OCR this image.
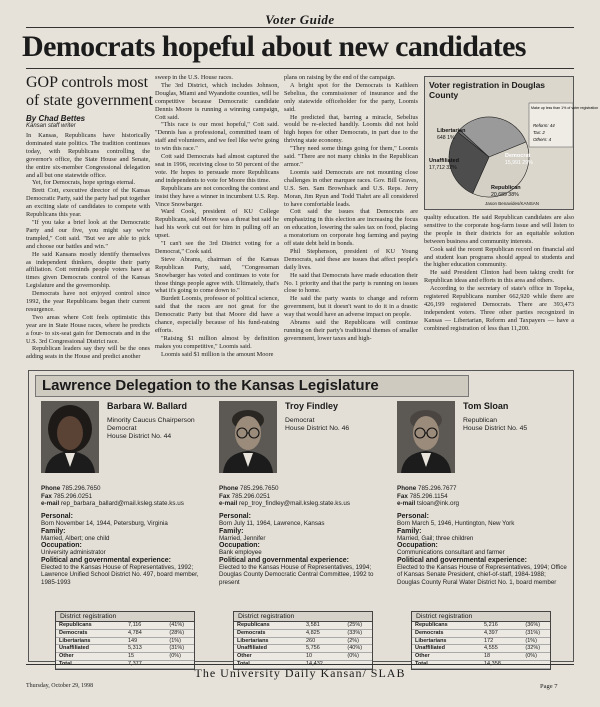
Voter Guide
Democrats hopeful about new candidates
GOP controls most of state government
By Chad Bettes
Kansan staff writer

In Kansas, Republicans have historically dominated state politics. The tradition continues today, with Republicans controlling the governor's office, the State House and Senate, the entire six-member Congressional delegation and all but one statewide office.

Yet, for Democrats, hope springs eternal.

Brett Cott, executive director of the Kansas Democratic Party, said the party had put together an exciting slate of candidates to compete with Republicans this year.

"If you take a brief look at the Democratic Party and our five, you might say we're trampled," Cott said. "But we are able to pick and choose our battles and win."

He said Kansans mostly identify themselves as independent thinkers, despite their party affiliation. Cott reminds people voters have at times given Democrats control of the Kansas Legislature and the governorship.

Democrats have not enjoyed control since 1992, the year Republicans began their current resurgence.

Two areas where Cott feels optimistic this year are in State House races, where he predicts a four- to six-seat gain for Democrats and in the U.S. 3rd Congressional District race.

Republican leaders say they will be the ones adding seats in the House and predict another

sweep in the U.S. House races.

The 3rd District, which includes Johnson, Douglas, Miami and Wyandotte counties, will be competitive because Democratic candidate Dennis Moore is running a winning campaign, Cott said.

"This race is our most hopeful," Cott said. "Dennis has a professional, committed team of staff and volunteers, and we feel like we're going to win this race."

Cott said Democrats had almost captured the seat in 1996, receiving close to 50 percent of the vote. He hopes to persuade more Republicans and independents to vote for Moore this time.

Republicans are not conceding the contest and insist they have a winner in incumbent U.S. Rep. Vince Snowbarger.

Ward Cook, president of KU College Republicans, said Moore was a threat but said he had his work cut out for him in pulling off an upset.

"I can't see the 3rd District voting for a Democrat," Cook said.

Steve Abrams, chairman of the Kansas Republican Party, said, "Congressman Snowbarger has voted and continues to vote for those things people agree with. Ultimately, that's what it's going to come down to."

Burdett Loomis, professor of political science, said that the races are not great for the Democratic Party but that Moore did have a chance, especially because of his fund-raising efforts.

"Raising $1 million almost by definition makes you competitive," Loomis said.

Loomis said $1 million is the amount Moore

plans on raising by the end of the campaign.

A bright spot for the Democrats is Kathleen Sebelius, the commissioner of insurance and the only statewide officeholder for the party, Loomis said.

He predicted that, barring a miracle, Sebelius would be re-elected handily. Loomis did not hold high hopes for other Democrats, in part due to the thriving state economy.

"They need some things going for them," Loomis said. "There are not many chinks in the Republican armor."

Loomis said Democrats are not mounting close challenges in other marquee races. Gov. Bill Graves, U.S. Sen. Sam Brownback and U.S. Reps. Jerry Moran, Jim Ryun and Todd Tiahrt are all considered to have comfortable leads.

Cott said the issues that Democrats are emphasizing in this election are increasing the focus on education, lowering the sales tax on food, placing a moratorium on corporate hog farming and paying off state debt held in bonds.

Phil Stephenson, president of KU Young Democrats, said these are issues that affect people's daily lives.

He said that Democrats have made education their No. 1 priority and that the party is running on issues close to home.

He said the party wants to change and reform government, but it doesn't want to do it in a drastic way that would have an adverse impact on people.

Abrams said the Republicans will continue running on their party's traditional themes of smaller government, lower taxes and high-

quality education. He said Republican candidates are also sensitive to the corporate hog-farm issue and will listen to the people in their districts for an equitable solution between business and community interests.

Cook said the recent Republican record on financial aid and student loan programs should appeal to students and the higher education community.

He said President Clinton had been taking credit for Republican ideas and efforts in this area and others.

According to the secretary of state's office in Topeka, registered Republicans number 662,920 while there are 426,199 registered Democrats. There are 393,473 independent voters. Three other parties recognized in Kansas — Libertarian, Reform and Taxpayers — have a combined registration of less than 11,200.

Voter registration in Douglas County
Libertarian
648 1%
Unaffiliated
17,712 32%
Republican
20,689 38%
Democrat
15,991 29%
Make up less than 1% of voter registration
Reform: 44
Tax: 2
Others: 4
Jason Benavides/KANSAN
Lawrence Delegation to the Kansas Legislature
Barbara W. Ballard
Minority Caucus Chairperson
Democrat
House District No. 44
Phone 785.296.7650
Fax 785.296.0251
e-mail rep_barbara_ballard@mail.ksleg.state.ks.us
Personal:
Born November 14, 1944, Petersburg, Virginia
Family:
Married, Albert; one child
Occupation:
University administrator
Political and governmental experience:
Elected to the Kansas House of Representatives, 1992; Lawrence Unified School District No. 497, board member, 1985-1993
District registration
Republicans	7,116	(41%)
Democrats	4,784	(28%)
Libertarians	149	(1%)
Unaffiliated	5,313	(31%)
Other	15	(0%)

Troy Findley
Democrat
House District No. 46
Phone 785.296.7650
Fax 785.296.0251
e-mail rep_troy_findley@mail.ksleg.state.ks.us
Personal:
Born July 11, 1964, Lawrence, Kansas
Family:
Married, Jennifer
Occupation:
Bank employee
Political and governmental experience:
Elected to the Kansas House of Representatives, 1994; Douglas County Democratic Central Committee, 1992 to present
District registration
Republicans	3,581	(25%)
Democrats	4,825	(33%)
Libertarians	260	(2%)
Unaffiliated	5,756	(40%)
Other	10	(0%)

Tom Sloan
Republican
House District No. 45
Phone 785.296.7677
Fax 785.296.1154
e-mail tsloan@ink.org
Personal:
Born March 5, 1946, Huntington, New York
Family:
Married, Gail; three children
Occupation:
Communications consultant and farmer
Political and governmental experience:
Elected to the Kansas House of Representatives, 1994; Office of Kansas Senate President, chief-of-staff, 1984-1988; Douglas County Rural Water District No. 1, board member
District registration
Republicans	5,216	(36%)
Democrats	4,397	(31%)
Libertarians	172	(1%)
Unaffiliated	4,555	(32%)
Other	18	(0%)

The University Daily Kansan/ SLAB
Thursday, October 29, 1998	Page 7
